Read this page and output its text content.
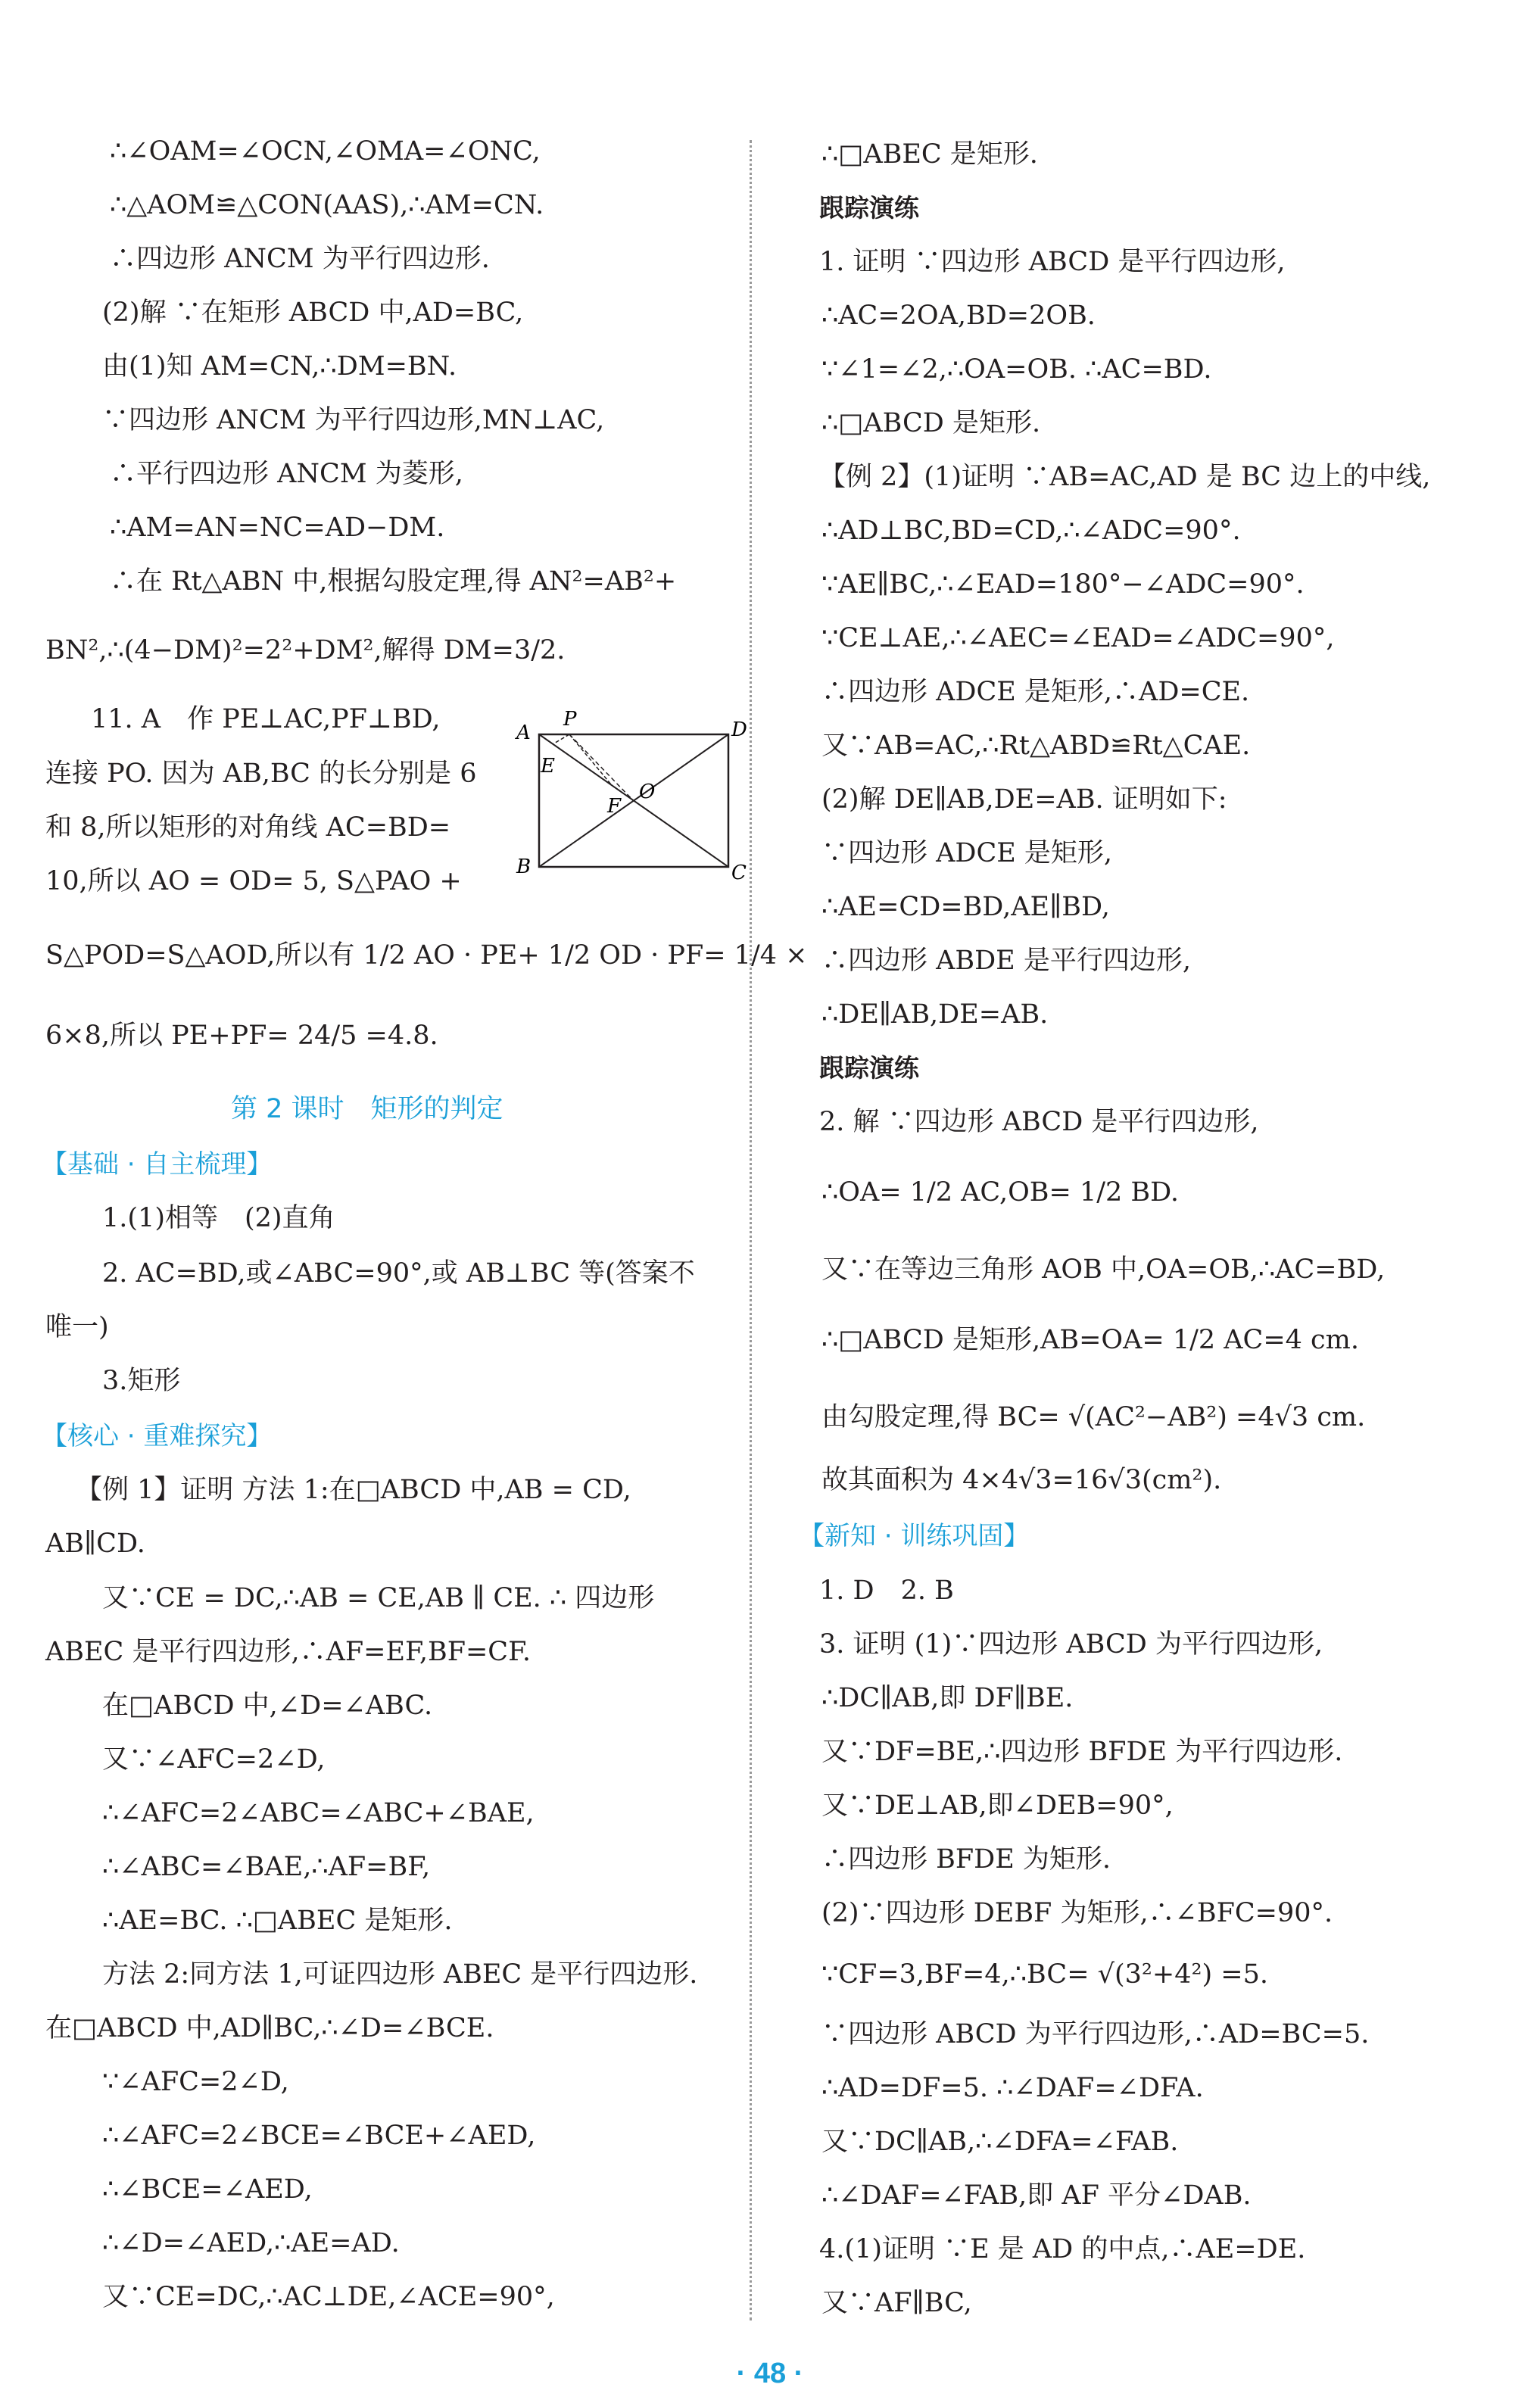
∴∠OAM=∠OCN,∠OMA=∠ONC,
∴△AOM≌△CON(AAS),∴AM=CN.
∴四边形 ANCM 为平行四边形.
(2)解 ∵在矩形 ABCD 中,AD=BC,
由(1)知 AM=CN,∴DM=BN.
∵四边形 ANCM 为平行四边形,MN⊥AC,
∴平行四边形 ANCM 为菱形,
∴AM=AN=NC=AD−DM.
∴在 Rt△ABN 中,根据勾股定理,得 AN²=AB²+
BN²,∴(4−DM)²=2²+DM²,解得 DM=3/2.
11. A　作 PE⊥AC,PF⊥BD,
连接 PO. 因为 AB,BC 的长分别是 6
和 8,所以矩形的对角线 AC=BD=
10,所以 AO = OD= 5, S△PAO +
S△POD=S△AOD,所以有 1/2 AO · PE+ 1/2 OD · PF= 1/4 ×
6×8,所以 PE+PF= 24/5 =4.8.
第 2 课时　矩形的判定
【基础 · 自主梳理】
1.(1)相等　(2)直角
2. AC=BD,或∠ABC=90°,或 AB⊥BC 等(答案不
唯一)
3.矩形
【核心 · 重难探究】
【例 1】证明 方法 1:在□ABCD 中,AB = CD,
AB∥CD.
又∵CE = DC,∴AB = CE,AB ∥ CE. ∴ 四边形
ABEC 是平行四边形,∴AF=EF,BF=CF.
在□ABCD 中,∠D=∠ABC.
又∵∠AFC=2∠D,
∴∠AFC=2∠ABC=∠ABC+∠BAE,
∴∠ABC=∠BAE,∴AF=BF,
∴AE=BC. ∴□ABEC 是矩形.
方法 2:同方法 1,可证四边形 ABEC 是平行四边形.
在□ABCD 中,AD∥BC,∴∠D=∠BCE.
∵∠AFC=2∠D,
∴∠AFC=2∠BCE=∠BCE+∠AED,
∴∠BCE=∠AED,
∴∠D=∠AED,∴AE=AD.
又∵CE=DC,∴AC⊥DE,∠ACE=90°,
P
A	D
E
O
F
B	C
∴□ABEC 是矩形.
跟踪演练
1. 证明 ∵四边形 ABCD 是平行四边形,
∴AC=2OA,BD=2OB.
∵∠1=∠2,∴OA=OB. ∴AC=BD.
∴□ABCD 是矩形.
【例 2】(1)证明 ∵AB=AC,AD 是 BC 边上的中线,
∴AD⊥BC,BD=CD,∴∠ADC=90°.
∵AE∥BC,∴∠EAD=180°−∠ADC=90°.
∵CE⊥AE,∴∠AEC=∠EAD=∠ADC=90°,
∴四边形 ADCE 是矩形,∴AD=CE.
又∵AB=AC,∴Rt△ABD≌Rt△CAE.
(2)解 DE∥AB,DE=AB. 证明如下:
∵四边形 ADCE 是矩形,
∴AE=CD=BD,AE∥BD,
∴四边形 ABDE 是平行四边形,
∴DE∥AB,DE=AB.
跟踪演练
2. 解 ∵四边形 ABCD 是平行四边形,
∴OA= 1/2 AC,OB= 1/2 BD.
又∵在等边三角形 AOB 中,OA=OB,∴AC=BD,
∴□ABCD 是矩形,AB=OA= 1/2 AC=4 cm.
由勾股定理,得 BC= √(AC²−AB²) =4√3 cm.
故其面积为 4×4√3=16√3(cm²).
【新知 · 训练巩固】
1. D　2. B
3. 证明 (1)∵四边形 ABCD 为平行四边形,
∴DC∥AB,即 DF∥BE.
又∵DF=BE,∴四边形 BFDE 为平行四边形.
又∵DE⊥AB,即∠DEB=90°,
∴四边形 BFDE 为矩形.
(2)∵四边形 DEBF 为矩形,∴∠BFC=90°.
∵CF=3,BF=4,∴BC= √(3²+4²) =5.
∵四边形 ABCD 为平行四边形,∴AD=BC=5.
∴AD=DF=5. ∴∠DAF=∠DFA.
又∵DC∥AB,∴∠DFA=∠FAB.
∴∠DAF=∠FAB,即 AF 平分∠DAB.
4.(1)证明 ∵E 是 AD 的中点,∴AE=DE.
又∵AF∥BC,
· 48 ·
